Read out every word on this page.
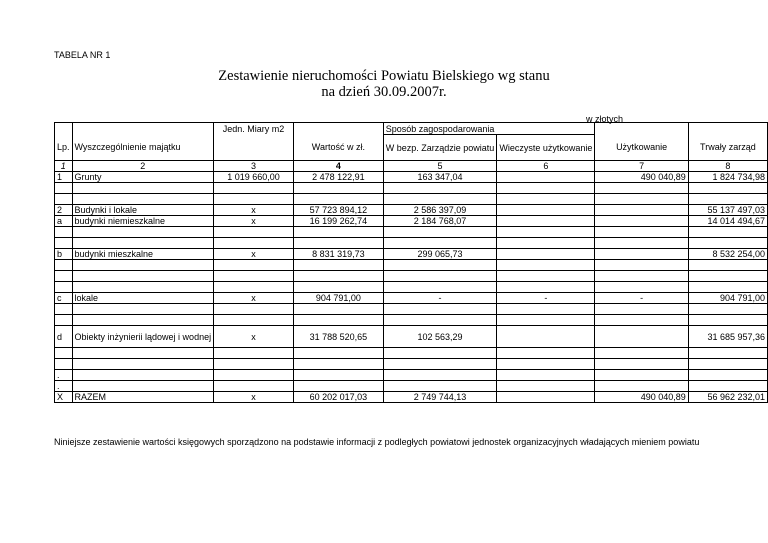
TABELA NR 1
Zestawienie nieruchomości Powiatu Bielskiego wg stanu
na dzień 30.09.2007r.
w złotych
		Jedn. Miary m2		Sposób zagospodarowania			
Lp.	Wyszczególnienie majątku		Wartość w zł.	W bezp. Zarządzie powiatu	Wieczyste użytkowanie	Użytkowanie	Trwały zarząd
1	2	3	4	5	6	7	8
1	Grunty	1 019 660,00	2 478 122,91	163 347,04		490 040,89	1 824 734,98

2	Budynki i lokale	x	57 723 894,12	2 586 397,09			55 137 497,03
a	budynki niemieszkalne	x	16 199 262,74	2 184 768,07			14 014 494,67

b	budynki mieszkalne	x	8 831 319,73	299 065,73			8 532 254,00

c	lokale	x	904 791,00	-	-	-	904 791,00

d	Obiekty inżynierii lądowej i wodnej	x	31 788 520,65	102 563,29			31 685 957,36

.							
.							
X	RAZEM	x	60 202 017,03	2 749 744,13		490 040,89	56 962 232,01
Niniejsze zestawienie wartości księgowych sporządzono na podstawie informacji z podległych powiatowi jednostek organizacyjnych władających mieniem powiatu
